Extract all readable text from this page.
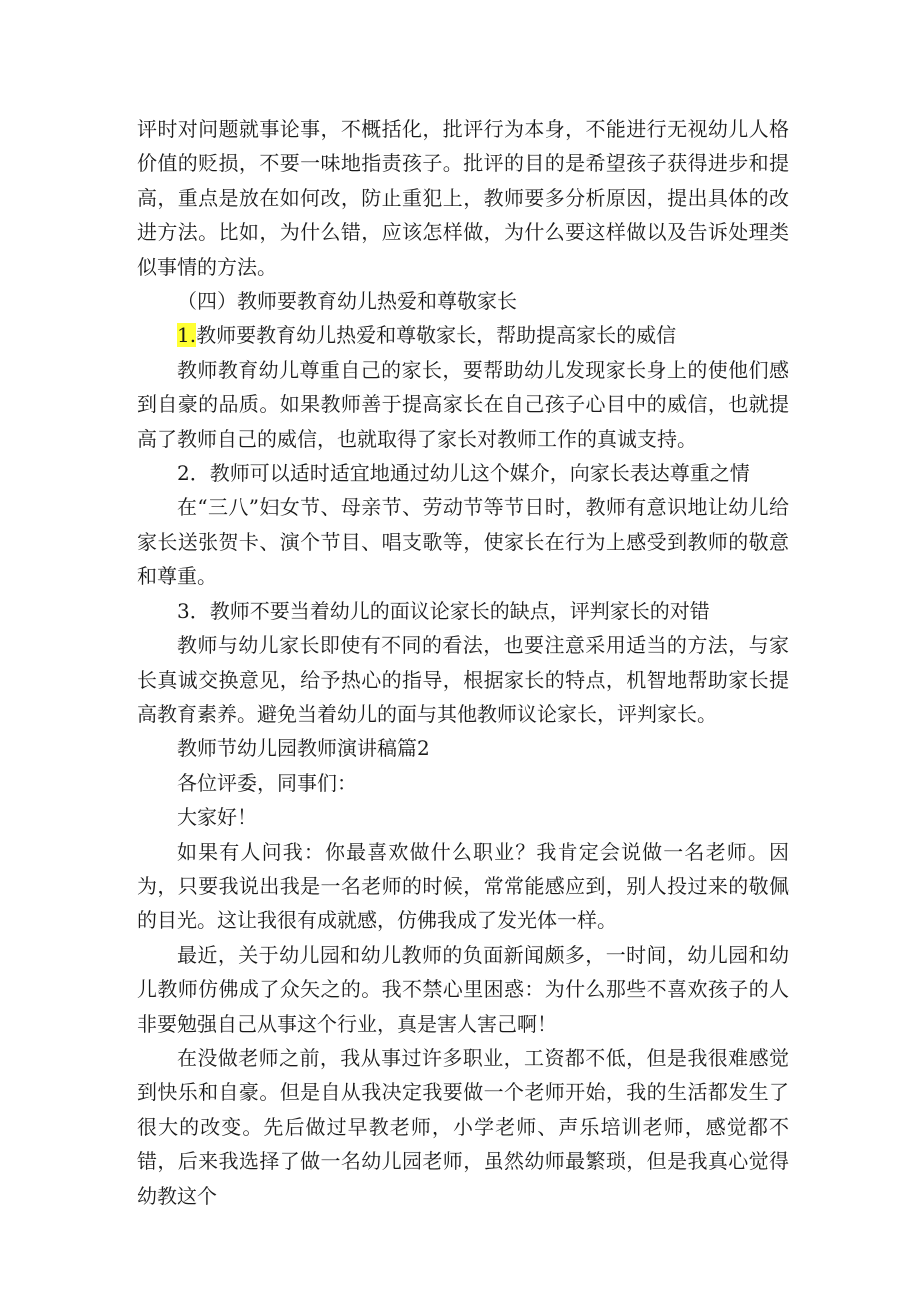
评时对问题就事论事，不概括化，批评行为本身，不能进行无视幼儿人格价值的贬损，不要一味地指责孩子。批评的目的是希望孩子获得进步和提高，重点是放在如何改，防止重犯上，教师要多分析原因，提出具体的改进方法。比如，为什么错，应该怎样做，为什么要这样做以及告诉处理类似事情的方法。

（四）教师要教育幼儿热爱和尊敬家长

1.教师要教育幼儿热爱和尊敬家长，帮助提高家长的威信

教师教育幼儿尊重自己的家长，要帮助幼儿发现家长身上的使他们感到自豪的品质。如果教师善于提高家长在自己孩子心目中的威信，也就提高了教师自己的威信，也就取得了家长对教师工作的真诚支持。

2．教师可以适时适宜地通过幼儿这个媒介，向家长表达尊重之情

在“三八”妇女节、母亲节、劳动节等节日时，教师有意识地让幼儿给家长送张贺卡、演个节目、唱支歌等，使家长在行为上感受到教师的敬意和尊重。

3．教师不要当着幼儿的面议论家长的缺点，评判家长的对错

教师与幼儿家长即使有不同的看法，也要注意采用适当的方法，与家长真诚交换意见，给予热心的指导，根据家长的特点，机智地帮助家长提高教育素养。避免当着幼儿的面与其他教师议论家长，评判家长。

教师节幼儿园教师演讲稿篇2

各位评委，同事们：

大家好！

如果有人问我：你最喜欢做什么职业？我肯定会说做一名老师。因为，只要我说出我是一名老师的时候，常常能感应到，别人投过来的敬佩的目光。这让我很有成就感，仿佛我成了发光体一样。

最近，关于幼儿园和幼儿教师的负面新闻颇多，一时间，幼儿园和幼儿教师仿佛成了众矢之的。我不禁心里困惑：为什么那些不喜欢孩子的人非要勉强自己从事这个行业，真是害人害己啊！

在没做老师之前，我从事过许多职业，工资都不低，但是我很难感觉到快乐和自豪。但是自从我决定我要做一个老师开始，我的生活都发生了很大的改变。先后做过早教老师，小学老师、声乐培训老师，感觉都不错，后来我选择了做一名幼儿园老师，虽然幼师最繁琐，但是我真心觉得幼教这个
